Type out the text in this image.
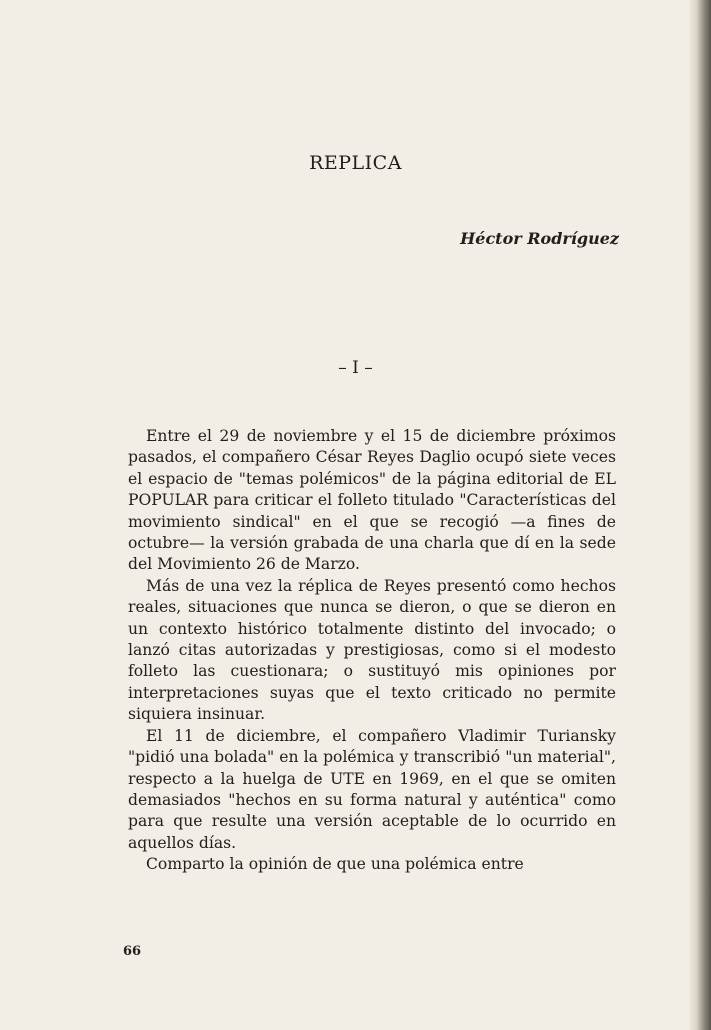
REPLICA
Héctor Rodríguez
– I –

Entre el 29 de noviembre y el 15 de diciembre próximos pasados, el compañero César Reyes Daglio ocupó siete veces el espacio de "temas polémicos" de la página editorial de EL POPULAR para criticar el folleto titulado "Características del movimiento sindical" en el que se recogió —a fines de octubre— la versión grabada de una charla que dí en la sede del Movimiento 26 de Marzo.

Más de una vez la réplica de Reyes presentó como hechos reales, situaciones que nunca se dieron, o que se dieron en un contexto histórico totalmente distinto del invocado; o lanzó citas autorizadas y prestigiosas, como si el modesto folleto las cuestionara; o sustituyó mis opiniones por interpretaciones suyas que el texto criticado no permite siquiera insinuar.

El 11 de diciembre, el compañero Vladimir Turiansky "pidió una bolada" en la polémica y transcribió "un material", respecto a la huelga de UTE en 1969, en el que se omiten demasiados "hechos en su forma natural y auténtica" como para que resulte una versión aceptable de lo ocurrido en aquellos días.

Comparto la opinión de que una polémica entre

66
